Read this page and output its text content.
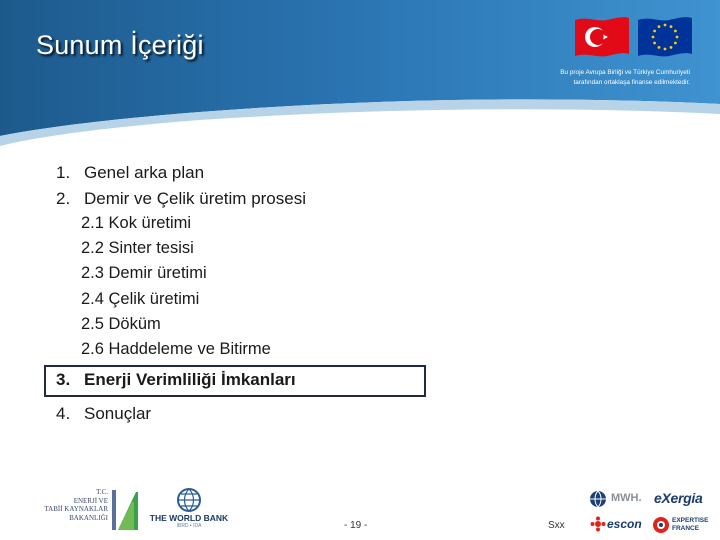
Sunum İçeriği
Bu proje Avrupa Birliği ve Türkiye Cumhuriyeti
tarafından ortaklaşa finanse edilmektedir.
1. Genel arka plan
2. Demir ve Çelik üretim prosesi
2.1 Kok üretimi
2.2 Sinter tesisi
2.3 Demir üretimi
2.4 Çelik üretimi
2.5 Döküm
2.6 Haddeleme ve Bitirme
3. Enerji Verimliliği İmkanları
4. Sonuçlar
T.C.
ENERJİ VE
TABİİ KAYNAKLAR
BAKANLIĞI	THE WORLD BANK
IBRD • IDA	- 19 -	Sxx
MWH. eXergia
escon	EXPERTISE
FRANCE
